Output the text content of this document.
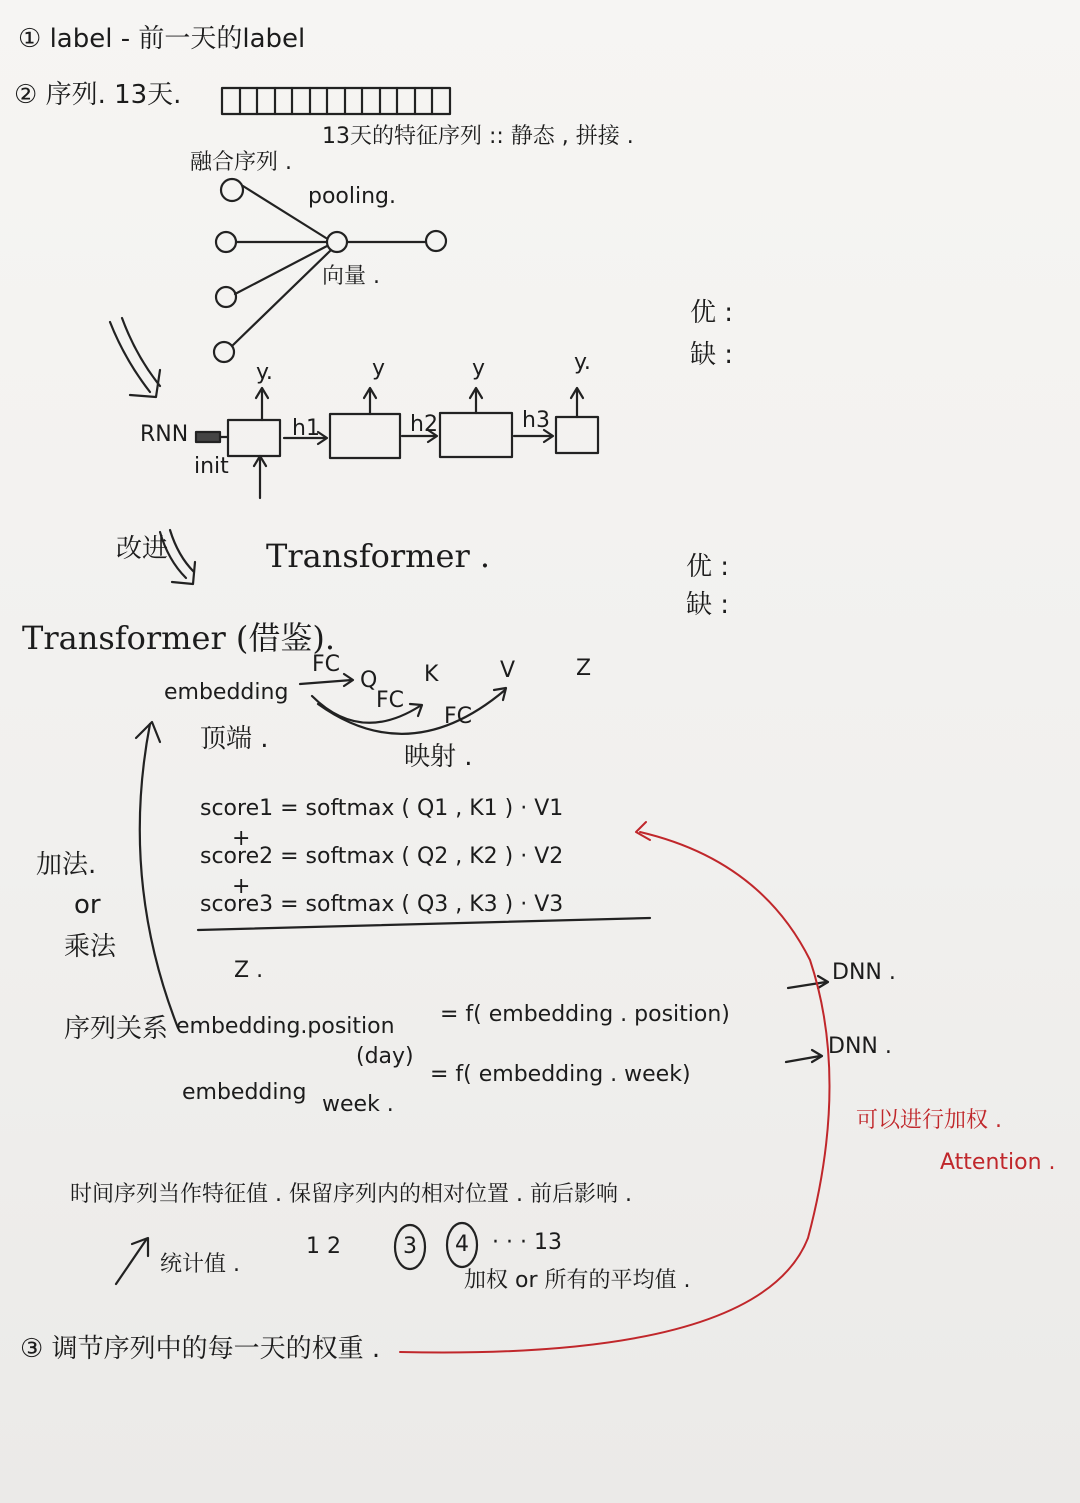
① label - 前一天的label
② 序列. 13天.
13天的特征序列 :: 静态 , 拼接 .
融合序列 .
pooling.
向量 .
优 :
缺 :
y.	y	y	y.
RNN
init
h1	h2	h3
改进	Transformer .	优 :
缺 :
Transformer (借鉴).
embedding
FC
FC
FC
Q K	V	Z
顶端 .
映射 .
score1 = softmax ( Q1 , K1 ) · V1
+
score2 = softmax ( Q2 , K2 ) · V2
+
score3 = softmax ( Q3 , K3 ) · V3
Z .
加法.
or
乘法
序列关系 embedding.position
(day)
= f( embedding . position)
DNN .
embedding week .
= f( embedding . week)
DNN .
可以进行加权 .
Attention .
时间序列当作特征值 . 保留序列内的相对位置 . 前后影响 .
统计值 .
1 2	3 4 · · · 13
加权 or 所有的平均值 .
③ 调节序列中的每一天的权重 .
